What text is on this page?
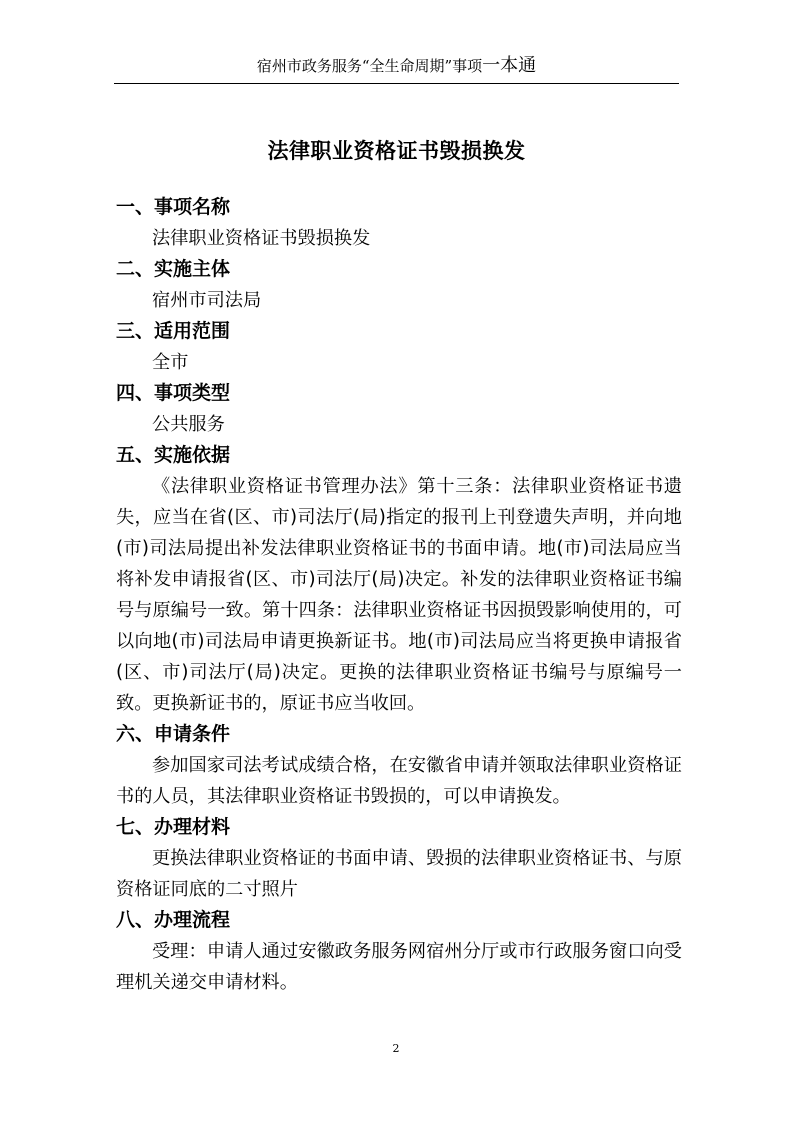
宿州市政务服务“全生命周期”事项一本通
法律职业资格证书毁损换发
一、事项名称
法律职业资格证书毁损换发
二、实施主体
宿州市司法局
三、适用范围
全市
四、事项类型
公共服务
五、实施依据
《法律职业资格证书管理办法》第十三条：法律职业资格证书遗失，应当在省(区、市)司法厅(局)指定的报刊上刊登遗失声明，并向地(市)司法局提出补发法律职业资格证书的书面申请。地(市)司法局应当将补发申请报省(区、市)司法厅(局)决定。补发的法律职业资格证书编号与原编号一致。第十四条：法律职业资格证书因损毁影响使用的，可以向地(市)司法局申请更换新证书。地(市)司法局应当将更换申请报省(区、市)司法厅(局)决定。更换的法律职业资格证书编号与原编号一致。更换新证书的，原证书应当收回。
六、申请条件
参加国家司法考试成绩合格，在安徽省申请并领取法律职业资格证书的人员，其法律职业资格证书毁损的，可以申请换发。
七、办理材料
更换法律职业资格证的书面申请、毁损的法律职业资格证书、与原资格证同底的二寸照片
八、办理流程
受理：申请人通过安徽政务服务网宿州分厅或市行政服务窗口向受理机关递交申请材料。
2
